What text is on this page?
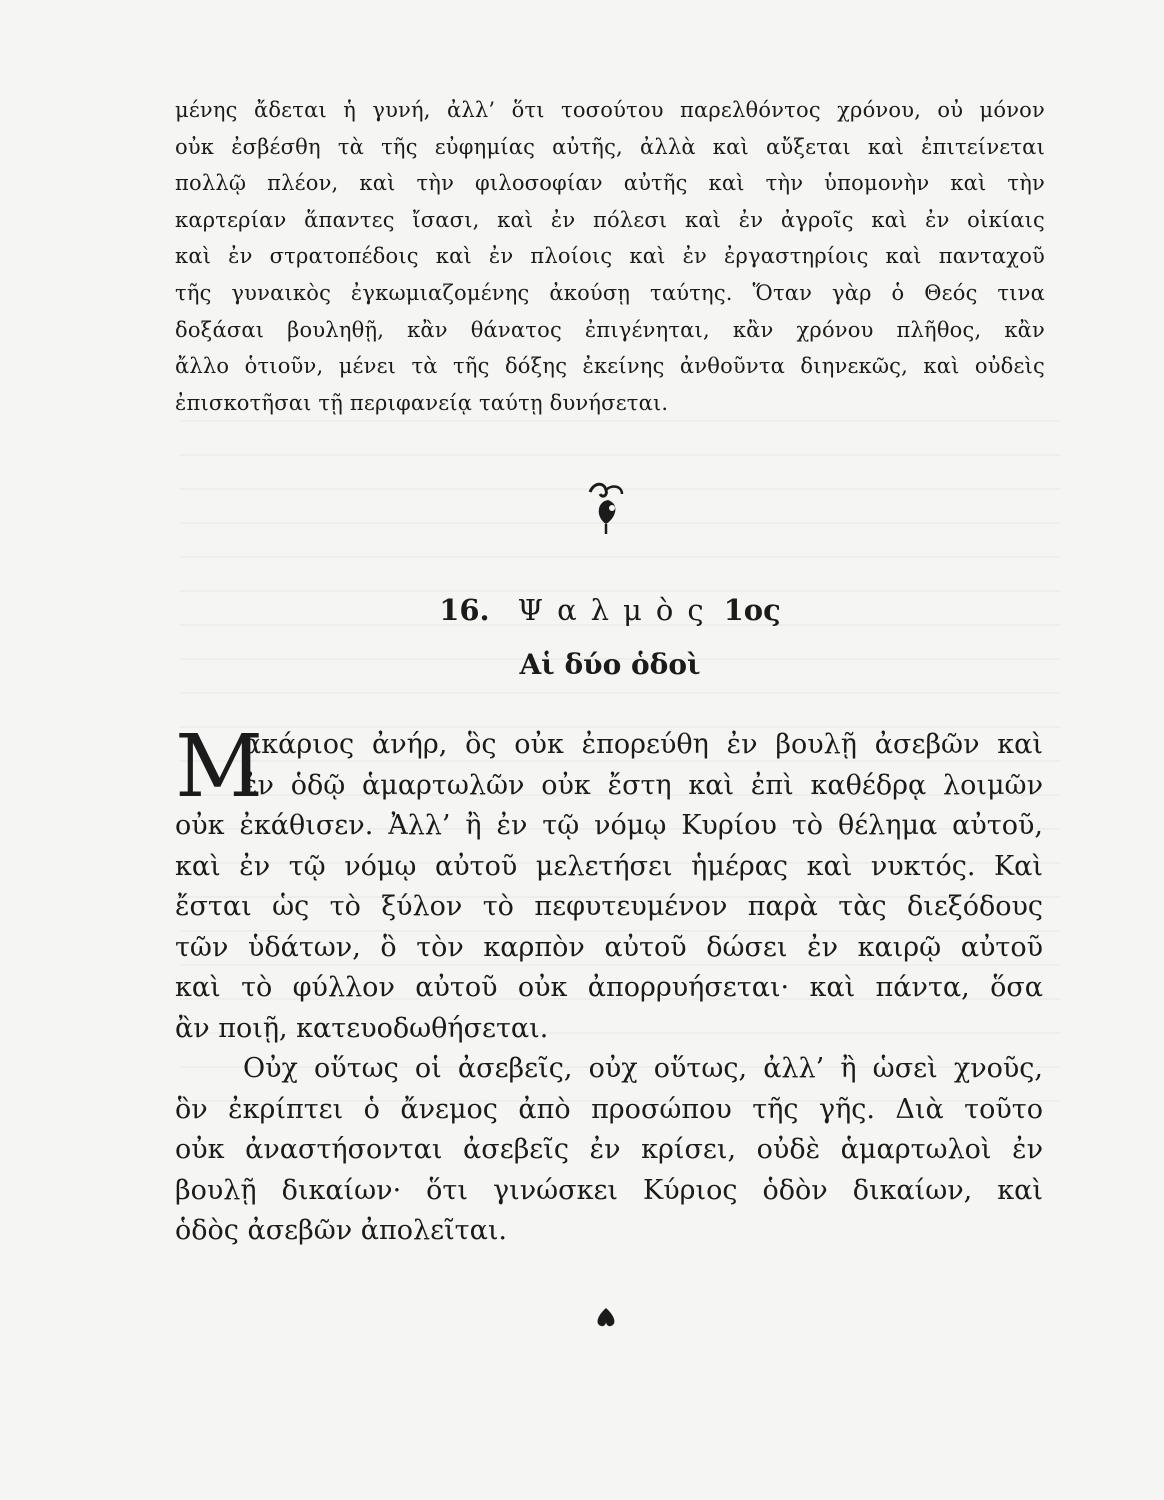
μένης ἄδεται ἡ γυνή, ἀλλ’ ὅτι τοσούτου παρελθόντος χρόνου, οὐ μόνον
οὐκ ἐσβέσθη τὰ τῆς εὐφημίας αὐτῆς, ἀλλὰ καὶ αὔξεται καὶ ἐπιτείνεται
πολλῷ πλέον, καὶ τὴν φιλοσοφίαν αὐτῆς καὶ τὴν ὑπομονὴν καὶ τὴν
καρτερίαν ἅπαντες ἴσασι, καὶ ἐν πόλεσι καὶ ἐν ἀγροῖς καὶ ἐν οἰκίαις
καὶ ἐν στρατοπέδοις καὶ ἐν πλοίοις καὶ ἐν ἐργαστηρίοις καὶ πανταχοῦ
τῆς γυναικὸς ἐγκωμιαζομένης ἀκούσῃ ταύτης. Ὅταν γὰρ ὁ Θεός τινα
δοξάσαι βουληθῇ, κἂν θάνατος ἐπιγένηται, κἂν χρόνου πλῆθος, κἂν
ἄλλο ὁτιοῦν, μένει τὰ τῆς δόξης ἐκείνης ἀνθοῦντα διηνεκῶς, καὶ οὐδεὶς
ἐπισκοτῆσαι τῇ περιφανείᾳ ταύτῃ δυνήσεται.
16. Ψαλμὸς 1ος
Αἱ δύο ὁδοὶ
Μ
ακάριος ἀνήρ, ὃς οὐκ ἐπορεύθη ἐν βουλῇ ἀσεβῶν καὶ
ἐν ὁδῷ ἁμαρτωλῶν οὐκ ἔστη καὶ ἐπὶ καθέδρᾳ λοιμῶν
οὐκ ἐκάθισεν. Ἀλλ’ ἢ ἐν τῷ νόμῳ Κυρίου τὸ θέλημα αὐτοῦ,
καὶ ἐν τῷ νόμῳ αὐτοῦ μελετήσει ἡμέρας καὶ νυκτός. Καὶ
ἔσται ὡς τὸ ξύλον τὸ πεφυτευμένον παρὰ τὰς διεξόδους
τῶν ὑδάτων, ὃ τὸν καρπὸν αὐτοῦ δώσει ἐν καιρῷ αὐτοῦ
καὶ τὸ φύλλον αὐτοῦ οὐκ ἀπορρυήσεται· καὶ πάντα, ὅσα
ἂν ποιῇ, κατευοδωθήσεται.
Οὐχ οὕτως οἱ ἀσεβεῖς, οὐχ οὕτως, ἀλλ’ ἢ ὡσεὶ χνοῦς,
ὃν ἐκρίπτει ὁ ἄνεμος ἀπὸ προσώπου τῆς γῆς. Διὰ τοῦτο
οὐκ ἀναστήσονται ἀσεβεῖς ἐν κρίσει, οὐδὲ ἁμαρτωλοὶ ἐν
βουλῇ δικαίων· ὅτι γινώσκει Κύριος ὁδὸν δικαίων, καὶ
ὁδὸς ἀσεβῶν ἀπολεῖται.
